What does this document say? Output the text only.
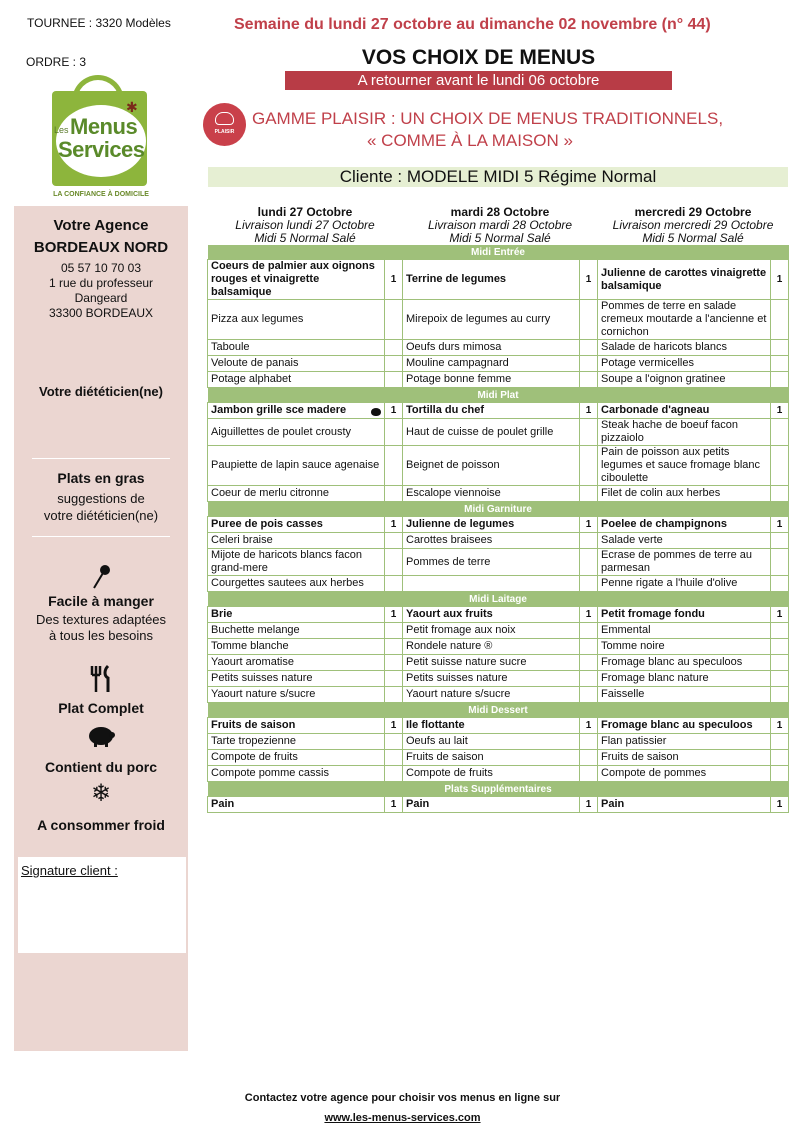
TOURNEE : 3320 Modèles
ORDRE : 3
✱
Les Menus
Services
LA CONFIANCE À DOMICILE
Semaine du lundi 27 octobre au dimanche 02 novembre (n° 44)
VOS CHOIX DE MENUS
A retourner avant le lundi 06 octobre
PLAISIR
GAMME PLAISIR : UN CHOIX DE MENUS TRADITIONNELS,
« COMME À LA MAISON »
Cliente : MODELE MIDI 5 Régime Normal
Votre Agence
BORDEAUX NORD
05 57 10 70 03
1 rue du professeur
Dangeard
33300 BORDEAUX
Votre diététicien(ne)
Plats en gras
suggestions de
votre diététicien(ne)
Facile à manger
Des textures adaptées
à tous les besoins
Plat Complet
Contient du porc
❄
A consommer froid
Signature client :
lundi 27 Octobre		mardi 28 Octobre		mercredi 29 Octobre	
Livraison lundi 27 Octobre		Livraison mardi 28 Octobre		Livraison mercredi 29 Octobre	
Midi 5 Normal Salé		Midi 5 Normal Salé		Midi 5 Normal Salé	
Midi Entrée					
Coeurs de palmier aux oignons rouges et vinaigrette balsamique	1	Terrine de legumes	1	Julienne de carottes vinaigrette balsamique	1
Pizza aux legumes		Mirepoix de legumes au curry		Pommes de terre en salade cremeux moutarde a l'ancienne et cornichon	
Taboule		Oeufs durs mimosa		Salade de haricots blancs	
Veloute de panais		Mouline campagnard		Potage vermicelles	
Potage alphabet		Potage bonne femme		Soupe a l'oignon gratinee	
Midi Plat					
Jambon grille sce madere	1	Tortilla du chef	1	Carbonade d'agneau	1
Aiguillettes de poulet crousty		Haut de cuisse de poulet grille		Steak hache de boeuf facon pizzaiolo	
Paupiette de lapin sauce agenaise		Beignet de poisson		Pain de poisson aux petits legumes et sauce fromage blanc ciboulette	
Coeur de merlu citronne		Escalope viennoise		Filet de colin aux herbes	
Midi Garniture					
Puree de pois casses	1	Julienne de legumes	1	Poelee de champignons	1
Celeri braise		Carottes braisees		Salade verte	
Mijote de haricots blancs facon grand-mere		Pommes de terre		Ecrase de pommes de terre au parmesan	
Courgettes sautees aux herbes				Penne rigate a l'huile d'olive	
Midi Laitage					
Brie	1	Yaourt aux fruits	1	Petit fromage fondu	1
Buchette melange		Petit fromage aux noix		Emmental	
Tomme blanche		Rondele nature ®		Tomme noire	
Yaourt aromatise		Petit suisse nature sucre		Fromage blanc au speculoos	
Petits suisses nature		Petits suisses nature		Fromage blanc nature	
Yaourt nature s/sucre		Yaourt nature s/sucre		Faisselle	
Midi Dessert					
Fruits de saison	1	Ile flottante	1	Fromage blanc au speculoos	1
Tarte tropezienne		Oeufs au lait		Flan patissier	
Compote de fruits		Fruits de saison		Fruits de saison	
Compote pomme cassis		Compote de fruits		Compote de pommes	
Plats Supplémentaires					
Pain	1	Pain	1	Pain	1
Contactez votre agence pour choisir vos menus en ligne sur
www.les-menus-services.com
